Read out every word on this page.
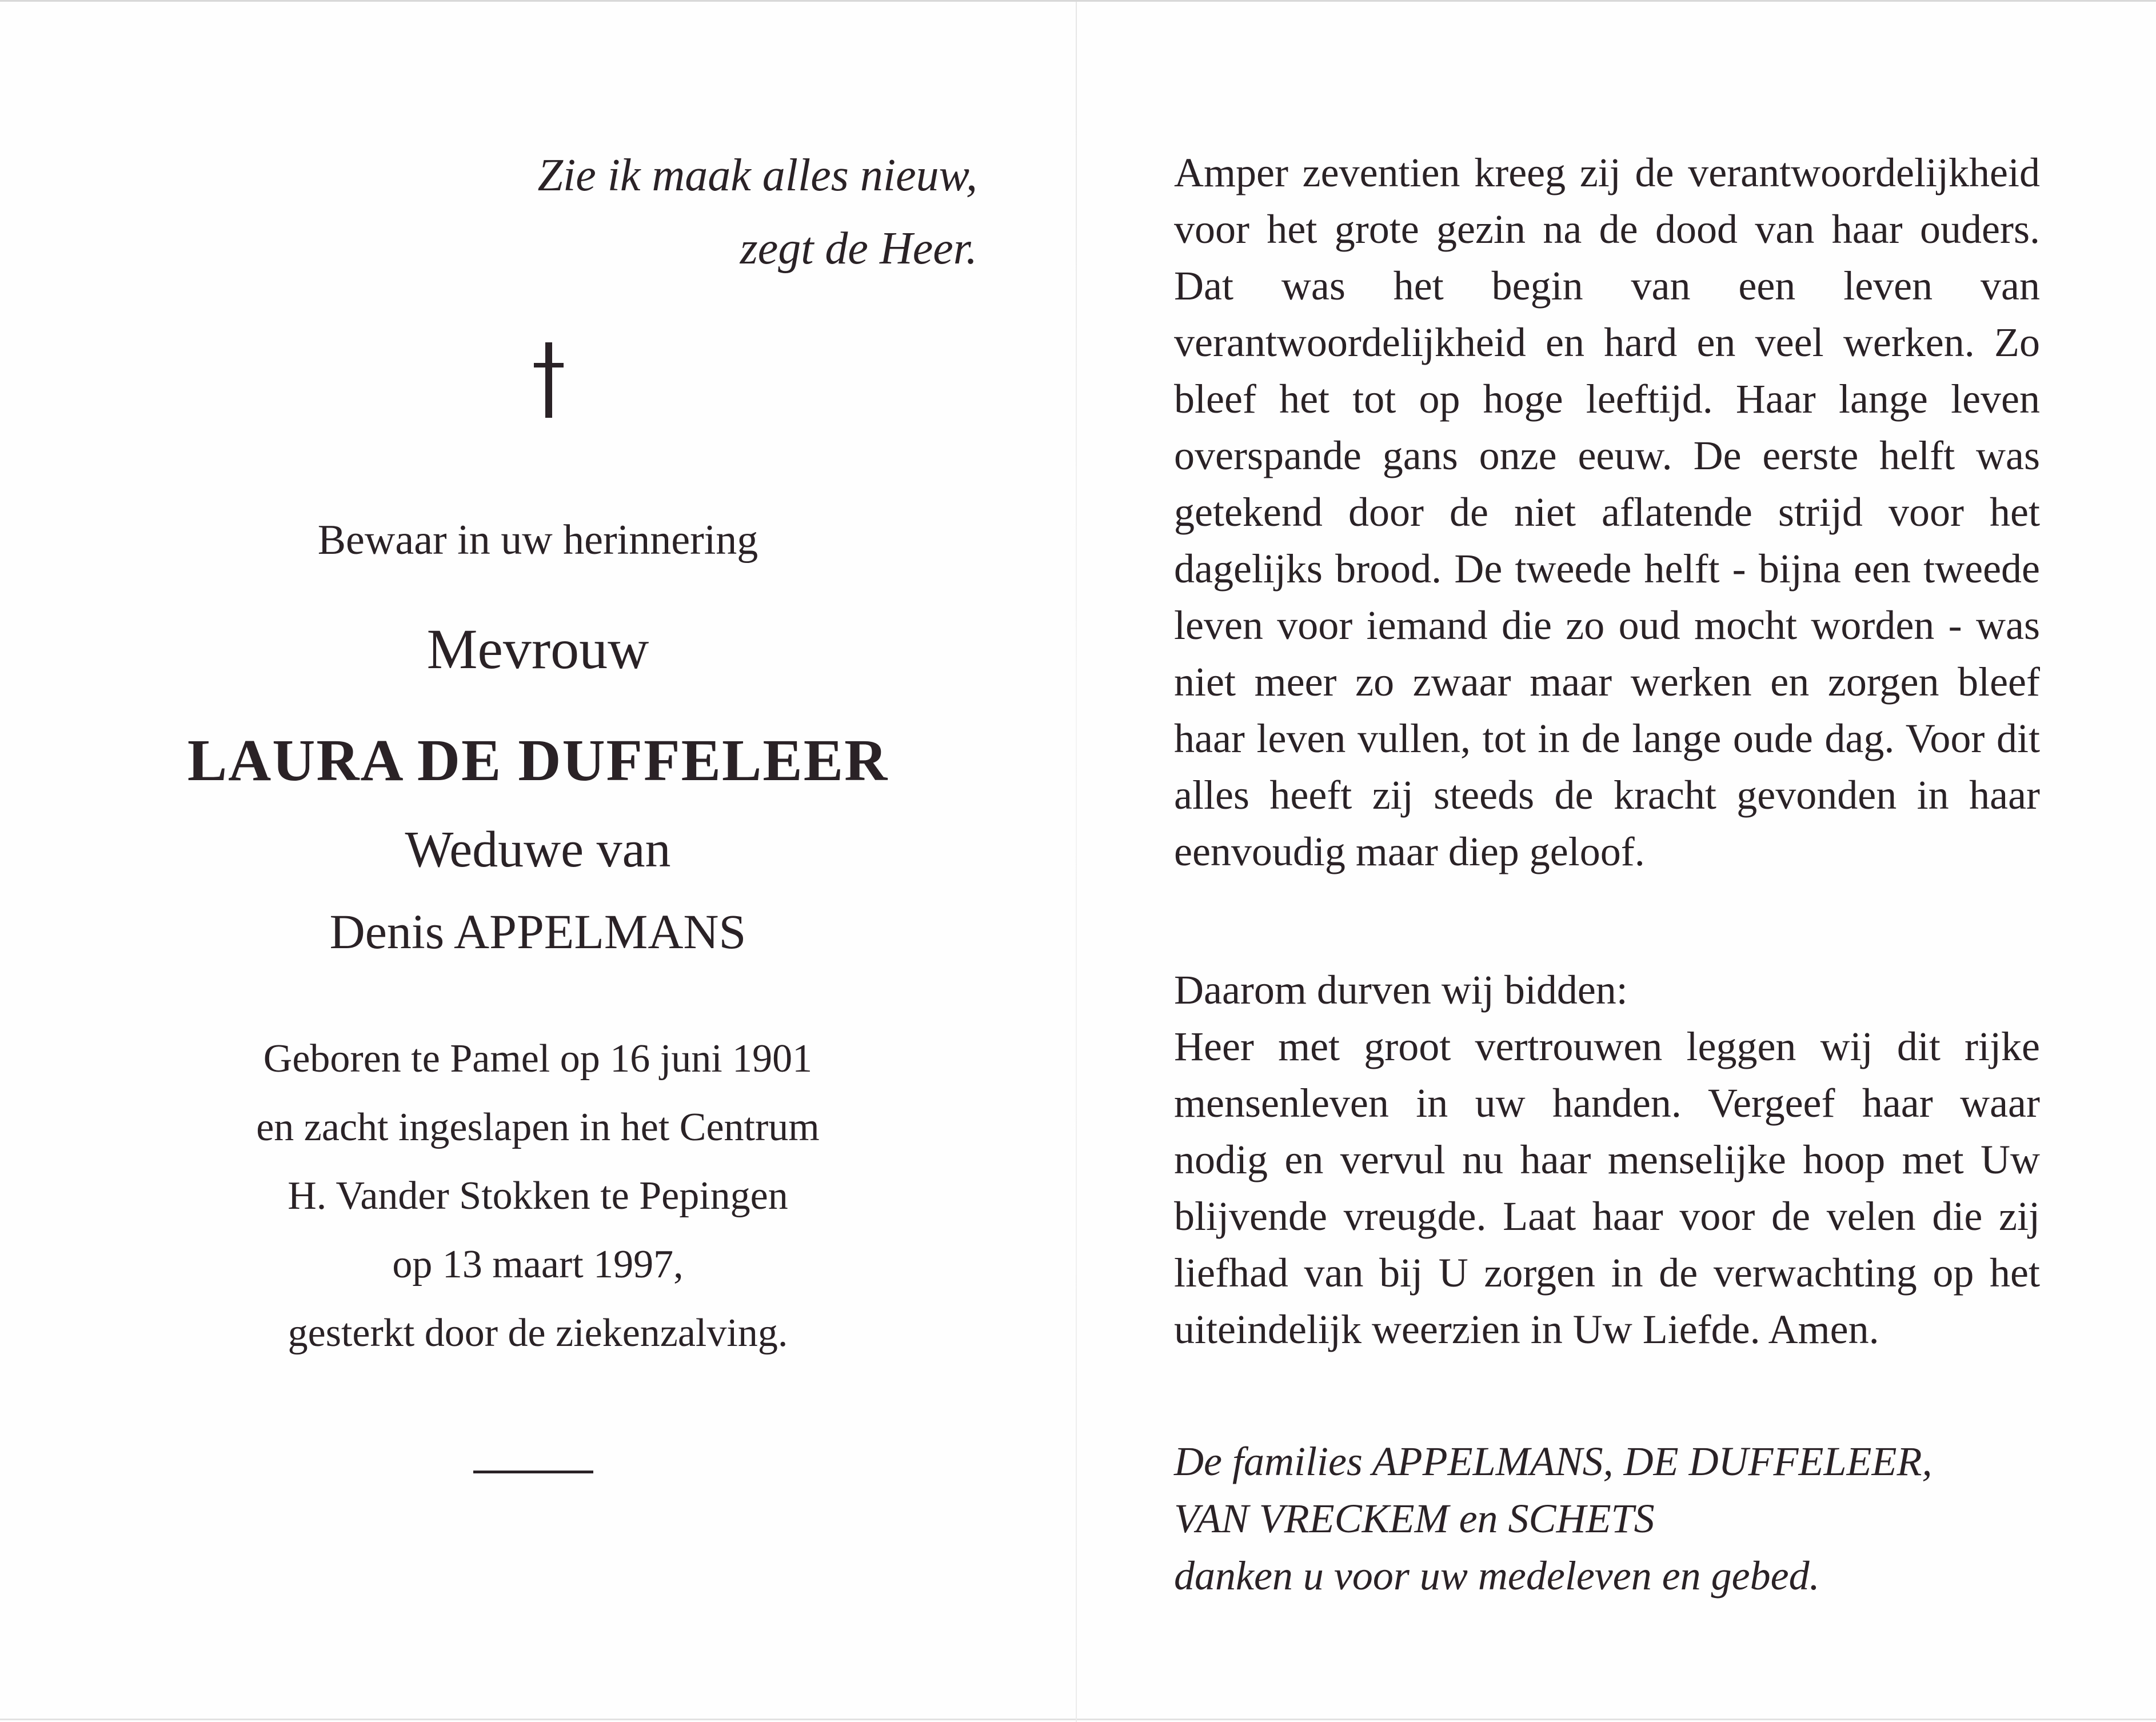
Zie ik maak alles nieuw,
zegt de Heer.
Bewaar in uw herinnering
Mevrouw
LAURA DE DUFFELEER
Weduwe van
Denis APPELMANS
Geboren te Pamel op 16 juni 1901
en zacht ingeslapen in het Centrum
H. Vander Stokken te Pepingen
op 13 maart 1997,
gesterkt door de ziekenzalving.
Amper zeventien kreeg zij de verantwoordelijkheid voor het grote gezin na de dood van haar ouders. Dat was het begin van een leven van verantwoordelijkheid en hard en veel werken. Zo bleef het tot op hoge leeftijd. Haar lange leven overspande gans onze eeuw. De eerste helft was getekend door de niet aflatende strijd voor het dagelijks brood. De tweede helft - bijna een tweede leven voor iemand die zo oud mocht worden - was niet meer zo zwaar maar werken en zorgen bleef haar leven vullen, tot in de lange oude dag. Voor dit alles heeft zij steeds de kracht gevonden in haar eenvoudig maar diep geloof.
Daarom durven wij bidden:
Heer met groot vertrouwen leggen wij dit rijke mensenleven in uw handen. Vergeef haar waar nodig en vervul nu haar menselijke hoop met Uw blijvende vreugde. Laat haar voor de velen die zij liefhad van bij U zorgen in de verwachting op het uiteindelijk weerzien in Uw Liefde. Amen.
De families APPELMANS, DE DUFFELEER,
VAN VRECKEM en SCHETS
danken u voor uw medeleven en gebed.
